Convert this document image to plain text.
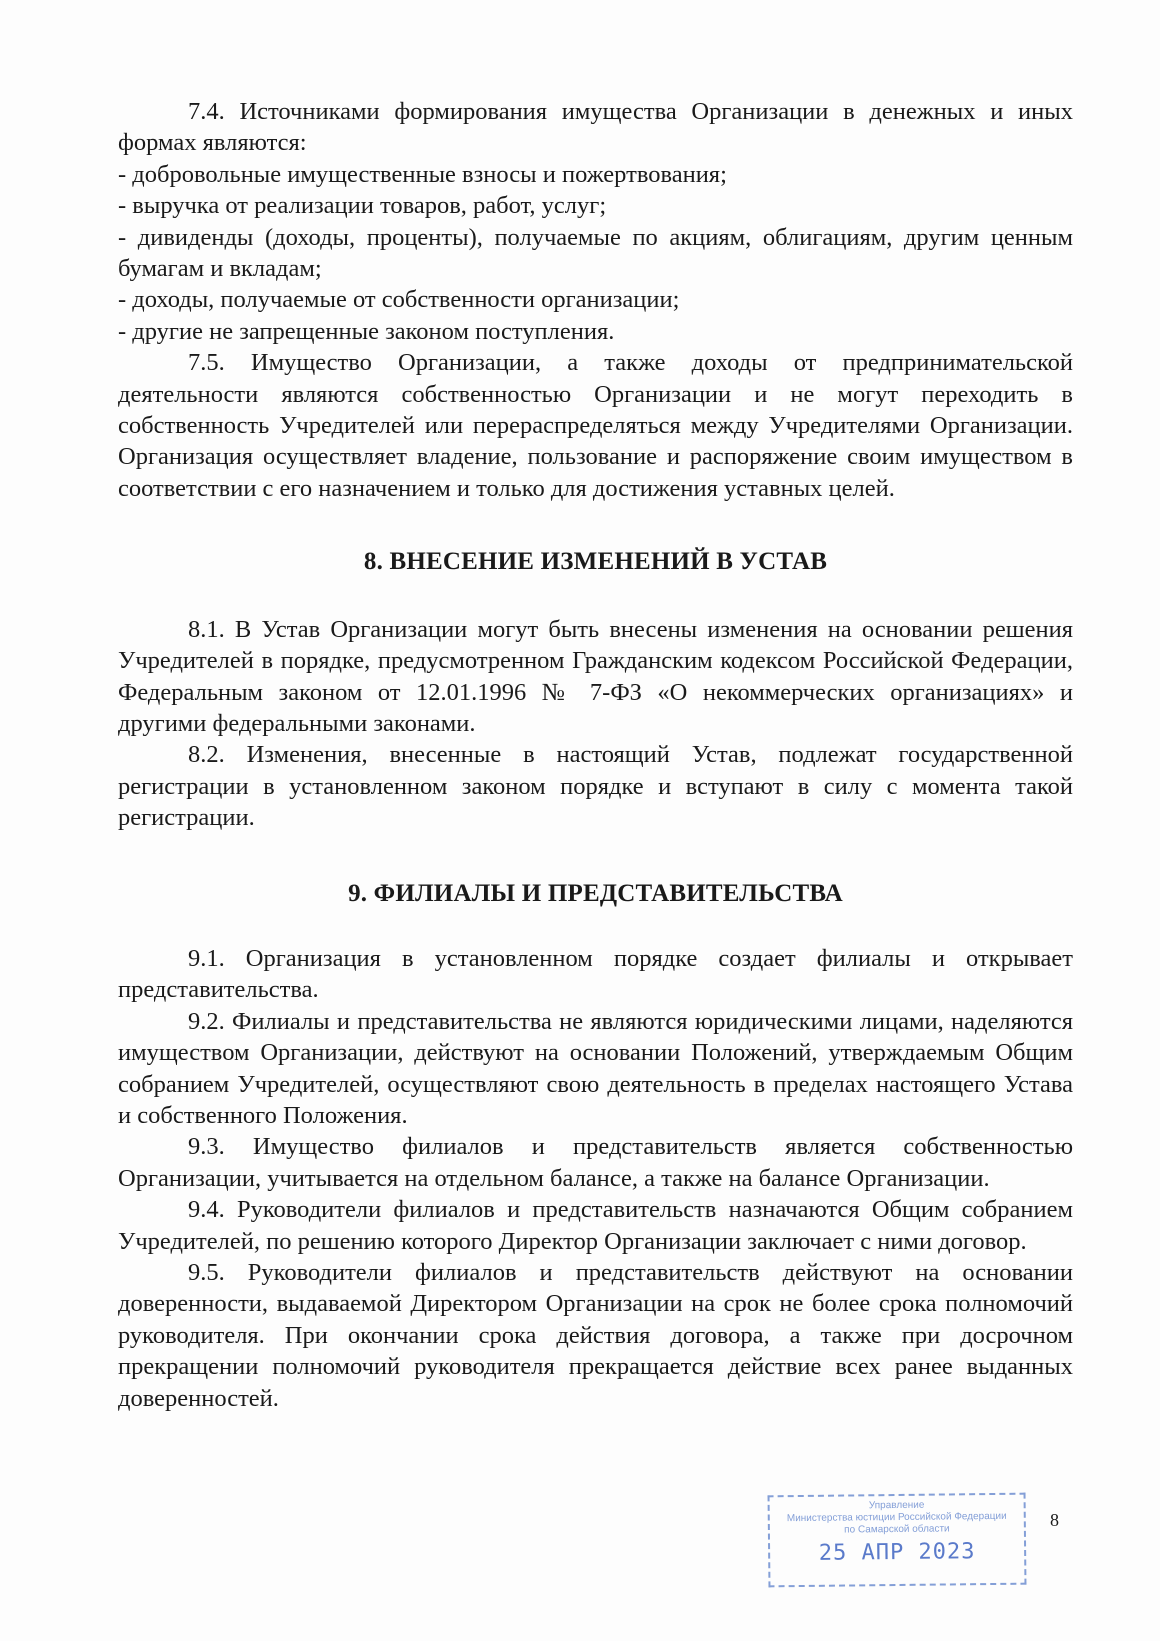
7.4. Источниками формирования имущества Организации в денежных и иных формах являются:

- добровольные имущественные взносы и пожертвования;

- выручка от реализации товаров, работ, услуг;

- дивиденды (доходы, проценты), получаемые по акциям, облигациям, другим ценным бумагам и вкладам;

- доходы, получаемые от собственности организации;

- другие не запрещенные законом поступления.

7.5. Имущество Организации, а также доходы от предпринимательской деятельности являются собственностью Организации и не могут переходить в собственность Учредителей или перераспределяться между Учредителями Организации. Организация осуществляет владение, пользование и распоряжение своим имуществом в соответствии с его назначением и только для достижения уставных целей.

8. ВНЕСЕНИЕ ИЗМЕНЕНИЙ В УСТАВ

8.1. В Устав Организации могут быть внесены изменения на основании решения Учредителей в порядке, предусмотренном Гражданским кодексом Российской Федерации, Федеральным законом от 12.01.1996 № 7-ФЗ «О некоммерческих организациях» и другими федеральными законами.

8.2. Изменения, внесенные в настоящий Устав, подлежат государственной регистрации в установленном законом порядке и вступают в силу с момента такой регистрации.

9. ФИЛИАЛЫ И ПРЕДСТАВИТЕЛЬСТВА

9.1. Организация в установленном порядке создает филиалы и открывает представительства.

9.2. Филиалы и представительства не являются юридическими лицами, наделяются имуществом Организации, действуют на основании Положений, утверждаемым Общим собранием Учредителей, осуществляют свою деятельность в пределах настоящего Устава и собственного Положения.

9.3. Имущество филиалов и представительств является собственностью Организации, учитывается на отдельном балансе, а также на балансе Организации.

9.4. Руководители филиалов и представительств назначаются Общим собранием Учредителей, по решению которого Директор Организации заключает с ними договор.

9.5. Руководители филиалов и представительств действуют на основании доверенности, выдаваемой Директором Организации на срок не более срока полномочий руководителя. При окончании срока действия договора, а также при досрочном прекращении полномочий руководителя прекращается действие всех ранее выданных доверенностей.

Управление
Министерства юстиции Российской Федерации
по Самарской области
25 АПР 2023
8
